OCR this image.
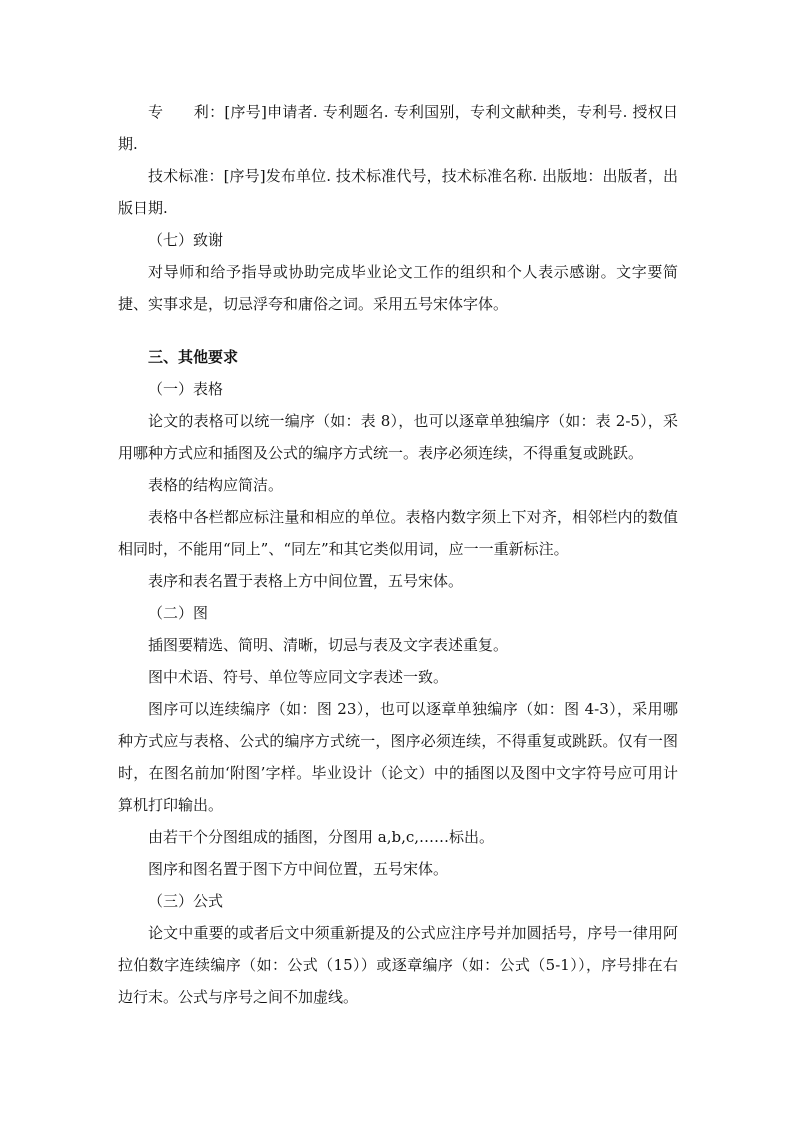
专　　利：[序号]申请者. 专利题名. 专利国别，专利文献种类，专利号. 授权日期.

技术标准：[序号]发布单位. 技术标准代号，技术标准名称. 出版地：出版者，出版日期.

（七）致谢

对导师和给予指导或协助完成毕业论文工作的组织和个人表示感谢。文字要简捷、实事求是，切忌浮夸和庸俗之词。采用五号宋体字体。

三、其他要求

（一）表格

论文的表格可以统一编序（如：表 8），也可以逐章单独编序（如：表 2-5），采用哪种方式应和插图及公式的编序方式统一。表序必须连续，不得重复或跳跃。

表格的结构应简洁。

表格中各栏都应标注量和相应的单位。表格内数字须上下对齐，相邻栏内的数值相同时，不能用“同上”、“同左”和其它类似用词，应一一重新标注。

表序和表名置于表格上方中间位置，五号宋体。

（二）图

插图要精选、简明、清晰，切忌与表及文字表述重复。

图中术语、符号、单位等应同文字表述一致。

图序可以连续编序（如：图 23），也可以逐章单独编序（如：图 4-3），采用哪种方式应与表格、公式的编序方式统一，图序必须连续，不得重复或跳跃。仅有一图时，在图名前加‘附图’字样。毕业设计（论文）中的插图以及图中文字符号应可用计算机打印输出。

由若干个分图组成的插图，分图用 a,b,c,……标出。

图序和图名置于图下方中间位置，五号宋体。

（三）公式

论文中重要的或者后文中须重新提及的公式应注序号并加圆括号，序号一律用阿拉伯数字连续编序（如：公式（15））或逐章编序（如：公式（5-1）），序号排在右边行末。公式与序号之间不加虚线。
